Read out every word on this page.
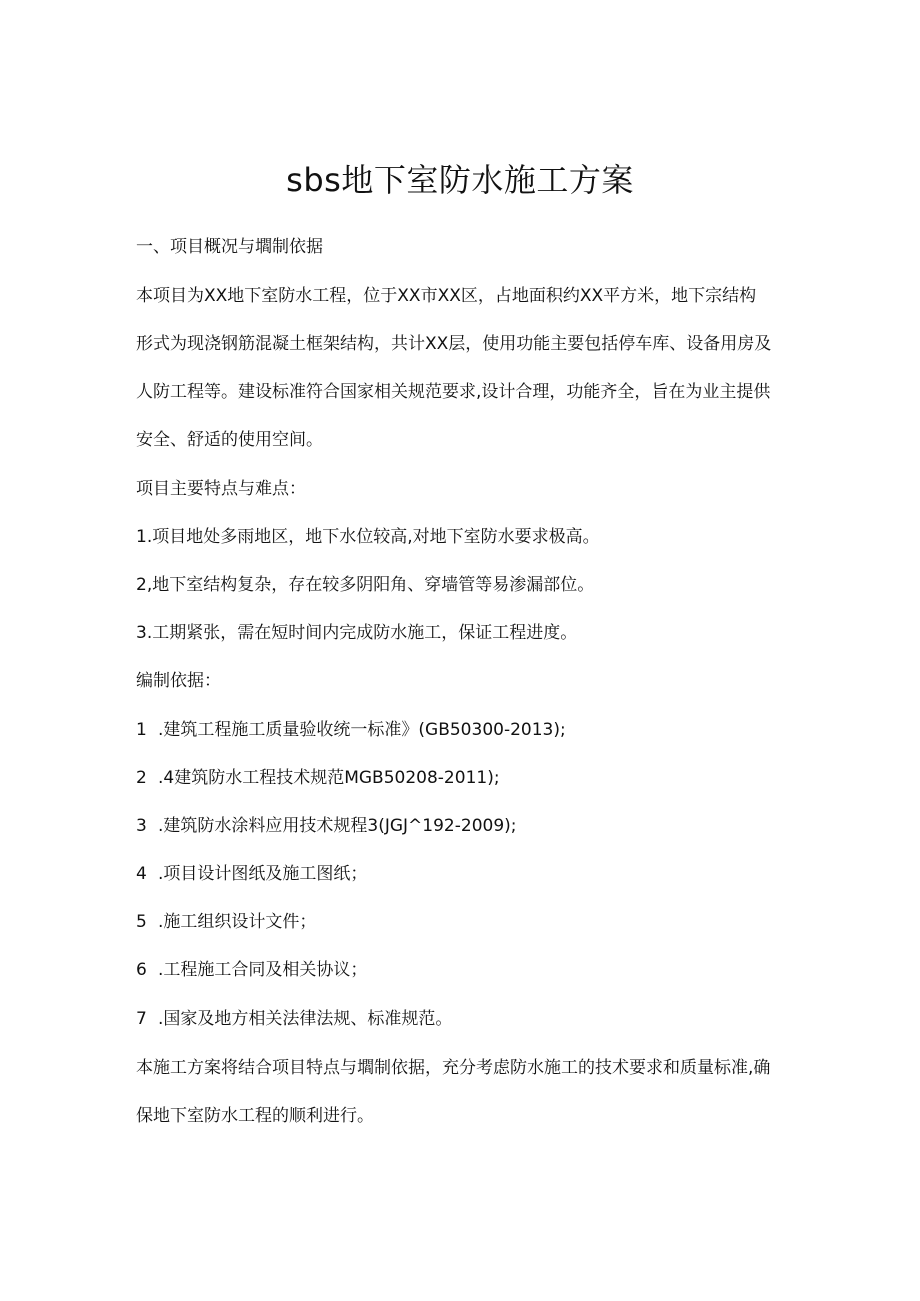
sbs地下室防水施工方案

一、项目概况与壛制依据

本项目为XX地下室防水工程，位于XX市XX区，占地面积约XX平方米，地下宗结构

形式为现浇钢筋混凝土框架结构，共计XX层，使用功能主要包括停车库、设备用房及

人防工程等。建设标准符合国家相关规范要求,设计合理，功能齐全，旨在为业主提供

安全、舒适的使用空间。

项目主要特点与难点：

1.项目地处多雨地区，地下水位较高,对地下室防水要求极高。

2,地下室结构复杂，存在较多阴阳角、穿墙管等易渗漏部位。

3.工期紧张，需在短时间内完成防水施工，保证工程进度。

编制依据：

1 .建筑工程施工质量验收统一标准》(GB50300-2013);

2 .4建筑防水工程技术规范MGB50208-2011);

3 .建筑防水涂料应用技术规程3(JGJ^192-2009);

4 .项目设计图纸及施工图纸；

5 .施工组织设计文件；

6 .工程施工合同及相关协议；

7 .国家及地方相关法律法规、标准规范。

本施工方案将结合项目特点与壛制依据，充分考虑防水施工的技术要求和质量标准,确

保地下室防水工程的顺利进行。
